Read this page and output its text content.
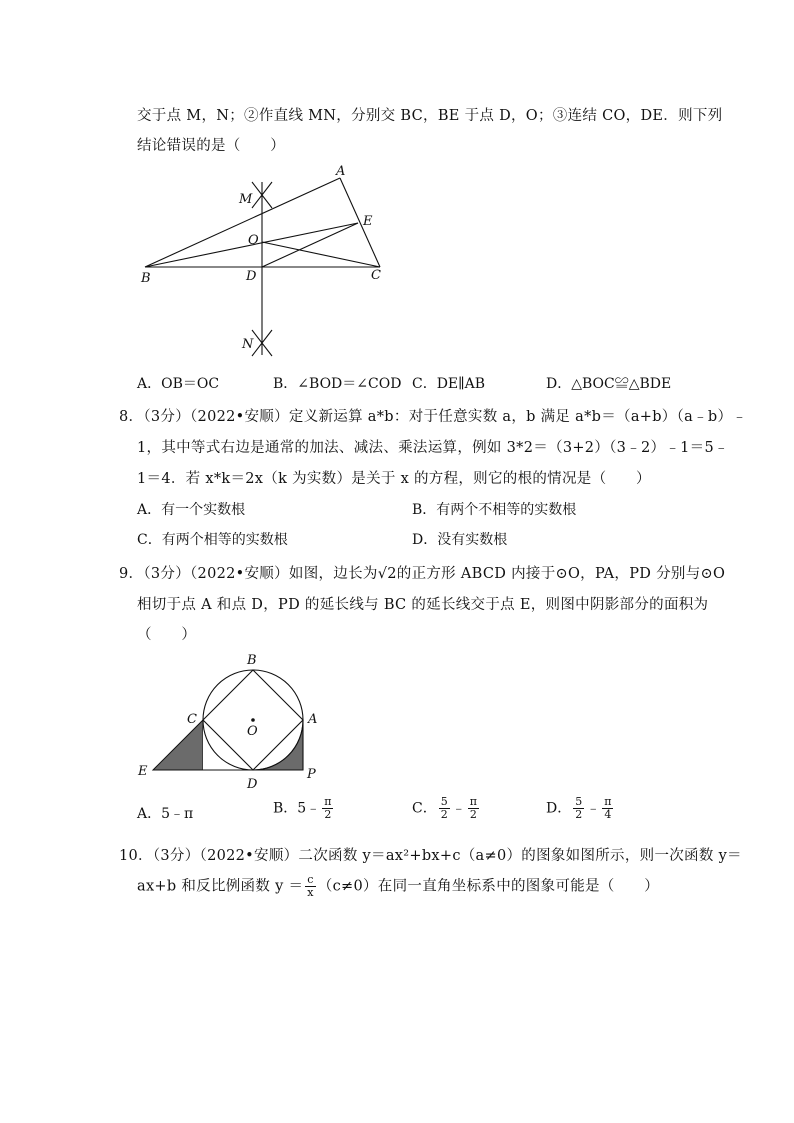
交于点 M，N；②作直线 MN，分别交 BC，BE 于点 D，O；③连结 CO，DE．则下列
结论错误的是（　　）
A
M
E
O
B	D	C
N
A．OB＝OC	B．∠BOD＝∠COD C．DE∥AB	D．△BOC≌△BDE
8．（3分）（2022•安顺）定义新运算 a*b：对于任意实数 a，b 满足 a*b＝（a+b）（a﹣b）﹣
1，其中等式右边是通常的加法、减法、乘法运算，例如 3*2＝（3+2）（3﹣2）﹣1＝5﹣
1＝4．若 x*k＝2x（k 为实数）是关于 x 的方程，则它的根的情况是（　　）
A．有一个实数根	B．有两个不相等的实数根
C．有两个相等的实数根	D．没有实数根
9．（3分）（2022•安顺）如图，边长为√2的正方形 ABCD 内接于⊙O，PA，PD 分别与⊙O
相切于点 A 和点 D，PD 的延长线与 BC 的延长线交于点 E，则图中阴影部分的面积为
（　　）
B
C
O
A
E
D
P
A．5﹣π	B．5﹣ $\frac{\pi}{2}$	C． $\frac{5}{2}$ ﹣ $\frac{\pi}{2}$	D． $\frac{5}{2}$ ﹣ $\frac{\pi}{4}$
10．（3分）（2022•安顺）二次函数 y＝ax²+bx+c（a≠0）的图象如图所示，则一次函数 y＝
ax+b 和反比例函数 $y = \frac{c}{x} (c\ne 0)$在同一直角坐标系中的图象可能是（　　）
